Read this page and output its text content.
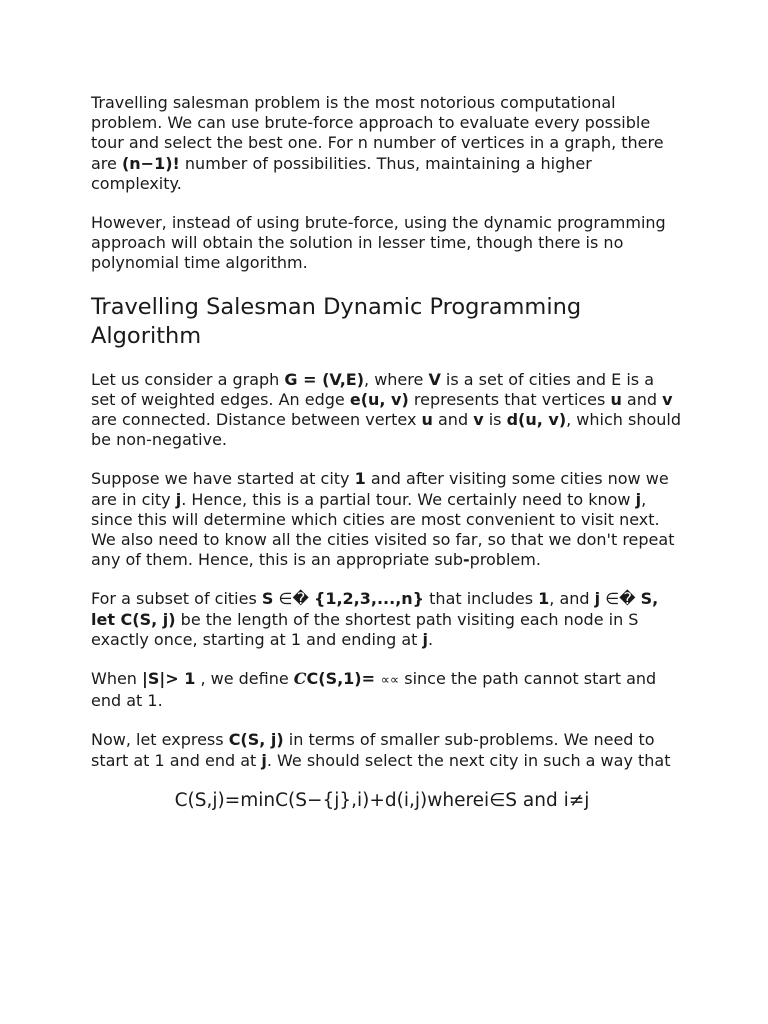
Travelling salesman problem is the most notorious computational problem. We can use brute-force approach to evaluate every possible tour and select the best one. For n number of vertices in a graph, there are (n−1)! number of possibilities. Thus, maintaining a higher complexity.

However, instead of using brute-force, using the dynamic programming approach will obtain the solution in lesser time, though there is no polynomial time algorithm.

Travelling Salesman Dynamic Programming Algorithm

Let us consider a graph G = (V,E), where V is a set of cities and E is a set of weighted edges. An edge e(u, v) represents that vertices u and v are connected. Distance between vertex u and v is d(u, v), which should be non-negative.

Suppose we have started at city 1 and after visiting some cities now we are in city j. Hence, this is a partial tour. We certainly need to know j, since this will determine which cities are most convenient to visit next. We also need to know all the cities visited so far, so that we don't repeat any of them. Hence, this is an appropriate sub-problem.

For a subset of cities S ∈� {1,2,3,...,n} that includes 1, and j ∈� S, let C(S, j) be the length of the shortest path visiting each node in S exactly once, starting at 1 and ending at j.

When |S|> 1 , we define CC(S,1)= ∝∝ since the path cannot start and end at 1.

Now, let express C(S, j) in terms of smaller sub-problems. We need to start at 1 and end at j. We should select the next city in such a way that

C(S,j)=minC(S−{j},i)+d(i,j)wherei∈S and i≠j
